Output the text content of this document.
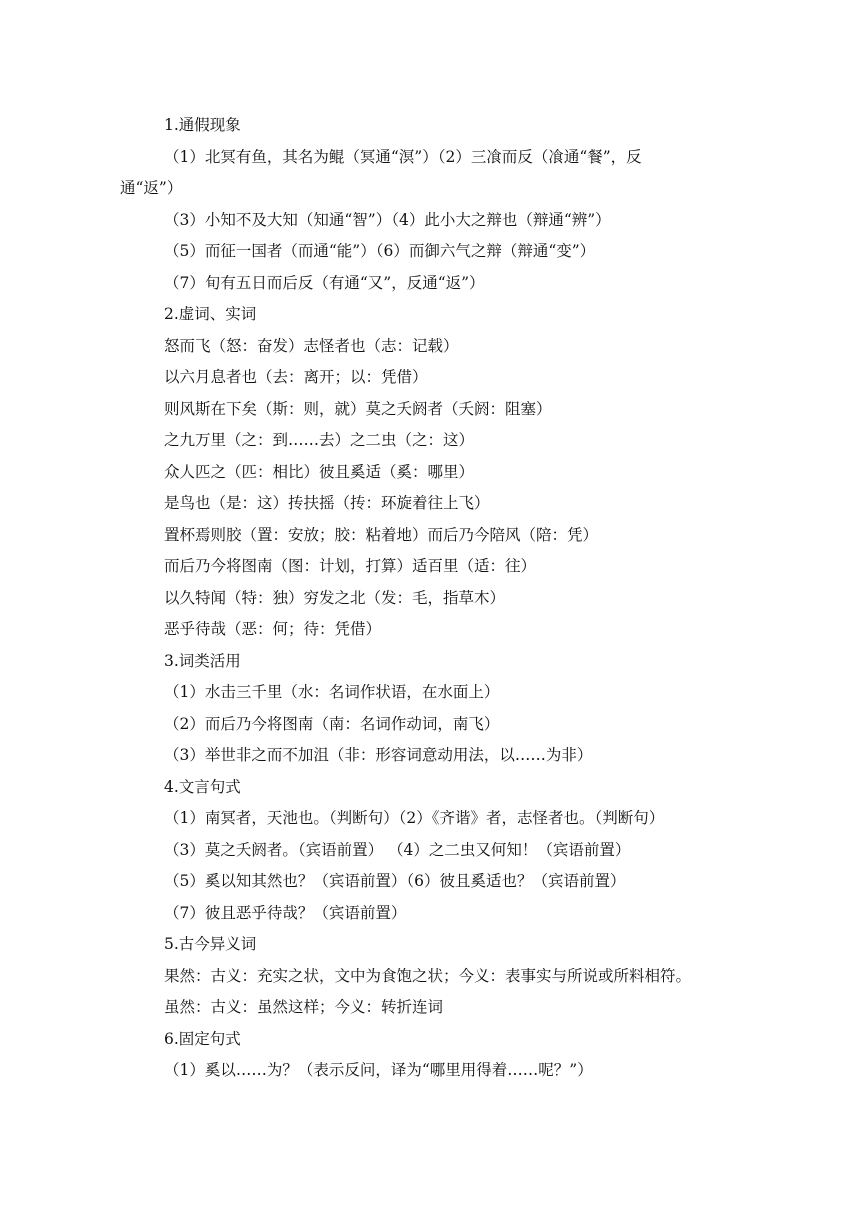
1.通假现象
（1）北冥有鱼，其名为鲲（冥通“溟”）（2）三飡而反（飡通“餐”，反
通“返”）
（3）小知不及大知（知通“智”）（4）此小大之辩也（辩通“辨”）
（5）而征一国者（而通“能”）（6）而御六气之辩（辩通“变”）
（7）旬有五日而后反（有通“又”，反通“返”）
2.虚词、实词
怒而飞（怒：奋发）志怪者也（志：记载）
以六月息者也（去：离开；以：凭借）
则风斯在下矣（斯：则，就）莫之夭阏者（夭阏：阻塞）
之九万里（之：到……去）之二虫（之：这）
众人匹之（匹：相比）彼且奚适（奚：哪里）
是鸟也（是：这）抟扶摇（抟：环旋着往上飞）
置杯焉则胶（置：安放；胶：粘着地）而后乃今陪风（陪：凭）
而后乃今将图南（图：计划，打算）适百里（适：往）
以久特闻（特：独）穷发之北（发：毛，指草木）
恶乎待哉（恶：何；待：凭借）
3.词类活用
（1）水击三千里（水：名词作状语，在水面上）
（2）而后乃今将图南（南：名词作动词，南飞）
（3）举世非之而不加沮（非：形容词意动用法，以……为非）
4.文言句式
（1）南冥者，天池也。（判断句）（2）《齐谐》者，志怪者也。（判断句）
（3）莫之夭阏者。（宾语前置） （4）之二虫又何知！（宾语前置）
（5）奚以知其然也？（宾语前置）（6）彼且奚适也？（宾语前置）
（7）彼且恶乎待哉？（宾语前置）
5.古今异义词
果然：古义：充实之状，文中为食饱之状；今义：表事实与所说或所料相符。
虽然：古义：虽然这样；今义：转折连词
6.固定句式
（1）奚以……为？（表示反问，译为“哪里用得着……呢？”）
